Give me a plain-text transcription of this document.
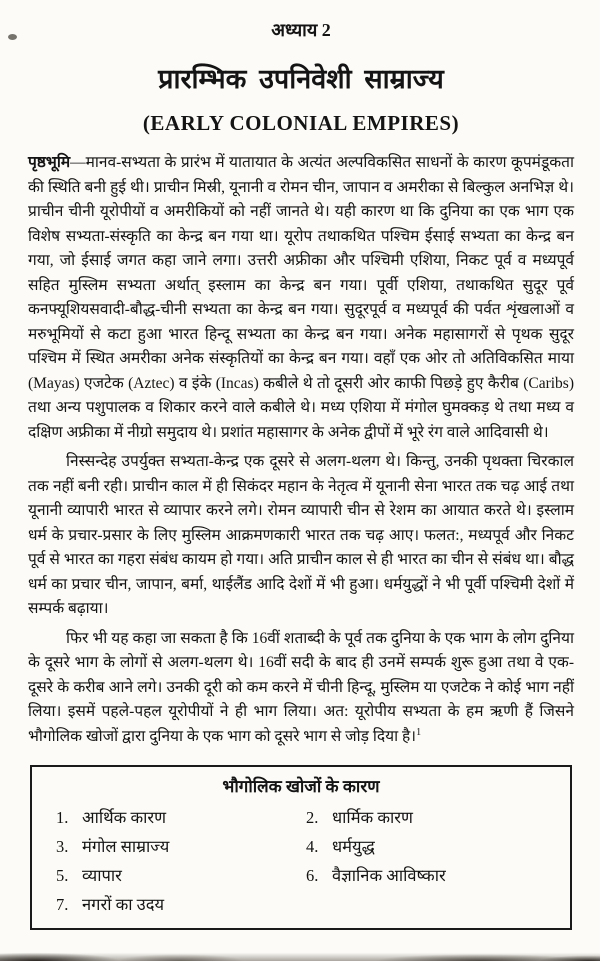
अध्याय 2
प्रारम्भिक उपनिवेशी साम्राज्य
(EARLY COLONIAL EMPIRES)

पृष्ठभूमि—मानव-सभ्यता के प्रारंभ में यातायात के अत्यंत अल्पविकसित साधनों के कारण कूपमंडूकता की स्थिति बनी हुई थी। प्राचीन मिस्री, यूनानी व रोमन चीन, जापान व अमरीका से बिल्कुल अनभिज्ञ थे। प्राचीन चीनी यूरोपीयों व अमरीकियों को नहीं जानते थे। यही कारण था कि दुनिया का एक भाग एक विशेष सभ्यता-संस्कृति का केन्द्र बन गया था। यूरोप तथाकथित पश्चिम ईसाई सभ्यता का केन्द्र बन गया, जो ईसाई जगत कहा जाने लगा। उत्तरी अफ्रीका और पश्चिमी एशिया, निकट पूर्व व मध्यपूर्व सहित मुस्लिम सभ्यता अर्थात् इस्लाम का केन्द्र बन गया। पूर्वी एशिया, तथाकथित सुदूर पूर्व कनफ्यूशियसवादी-बौद्ध-चीनी सभ्यता का केन्द्र बन गया। सुदूरपूर्व व मध्यपूर्व की पर्वत शृंखलाओं व मरुभूमियों से कटा हुआ भारत हिन्दू सभ्यता का केन्द्र बन गया। अनेक महासागरों से पृथक सुदूर पश्चिम में स्थित अमरीका अनेक संस्कृतियों का केन्द्र बन गया। वहाँ एक ओर तो अतिविकसित माया (Mayas) एजटेक (Aztec) व इंके (Incas) कबीले थे तो दूसरी ओर काफी पिछड़े हुए कैरीब (Caribs) तथा अन्य पशुपालक व शिकार करने वाले कबीले थे। मध्य एशिया में मंगोल घुमक्कड़ थे तथा मध्य व दक्षिण अफ्रीका में नीग्रो समुदाय थे। प्रशांत महासागर के अनेक द्वीपों में भूरे रंग वाले आदिवासी थे।

निस्सन्देह उपर्युक्त सभ्यता-केन्द्र एक दूसरे से अलग-थलग थे। किन्तु, उनकी पृथक्ता चिरकाल तक नहीं बनी रही। प्राचीन काल में ही सिकंदर महान के नेतृत्व में यूनानी सेना भारत तक चढ़ आई तथा यूनानी व्यापारी भारत से व्यापार करने लगे। रोमन व्यापारी चीन से रेशम का आयात करते थे। इस्लाम धर्म के प्रचार-प्रसार के लिए मुस्लिम आक्रमणकारी भारत तक चढ़ आए। फलत:, मध्यपूर्व और निकट पूर्व से भारत का गहरा संबंध कायम हो गया। अति प्राचीन काल से ही भारत का चीन से संबंध था। बौद्ध धर्म का प्रचार चीन, जापान, बर्मा, थाईलैंड आदि देशों में भी हुआ। धर्मयुद्धों ने भी पूर्वी पश्चिमी देशों में सम्पर्क बढ़ाया।

फिर भी यह कहा जा सकता है कि 16वीं शताब्दी के पूर्व तक दुनिया के एक भाग के लोग दुनिया के दूसरे भाग के लोगों से अलग-थलग थे। 16वीं सदी के बाद ही उनमें सम्पर्क शुरू हुआ तथा वे एक-दूसरे के करीब आने लगे। उनकी दूरी को कम करने में चीनी हिन्दू, मुस्लिम या एजटेक ने कोई भाग नहीं लिया। इसमें पहले-पहल यूरोपीयों ने ही भाग लिया। अत: यूरोपीय सभ्यता के हम ऋणी हैं जिसने भौगोलिक खोजों द्वारा दुनिया के एक भाग को दूसरे भाग से जोड़ दिया है।$^1$

भौगोलिक खोजों के कारण
1. आर्थिक कारण	2. धार्मिक कारण
3. मंगोल साम्राज्य	4. धर्मयुद्ध
5. व्यापार	6. वैज्ञानिक आविष्कार
7. नगरों का उदय
